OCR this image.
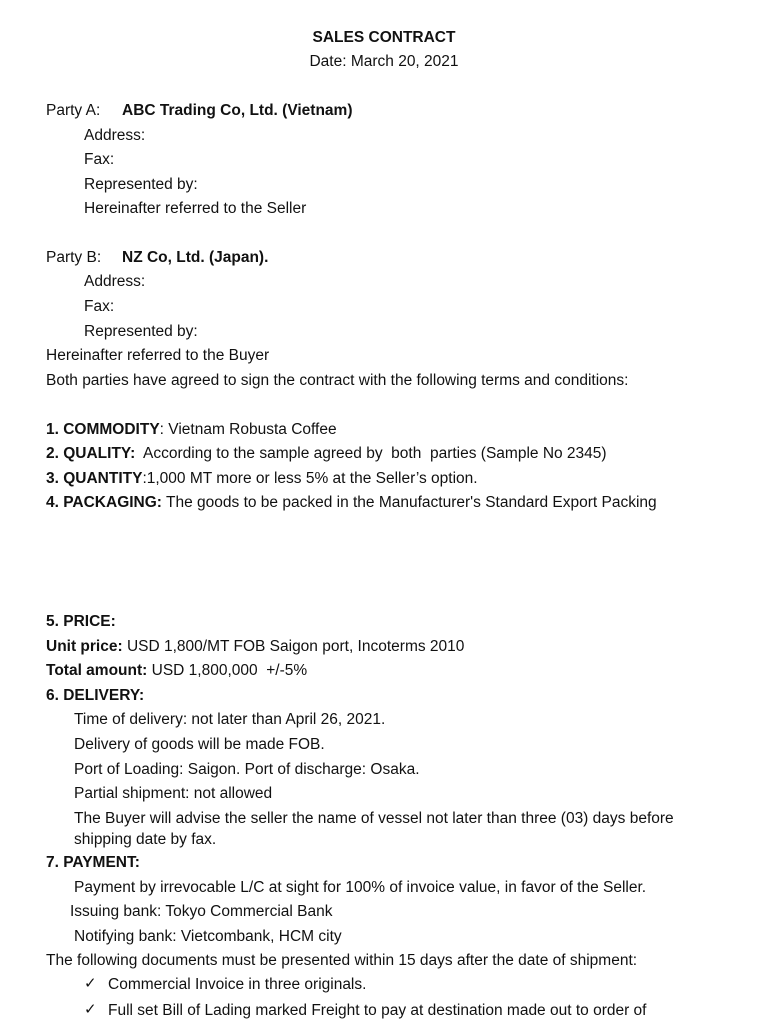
SALES CONTRACT
Date: March 20, 2021
Party A: ABC Trading Co, Ltd. (Vietnam)
Address:
Fax:
Represented by:
Hereinafter referred to the Seller
Party B: NZ Co, Ltd. (Japan).
Address:
Fax:
Represented by:
Hereinafter referred to the Buyer
Both parties have agreed to sign the contract with the following terms and conditions:
1. COMMODITY: Vietnam Robusta Coffee
2. QUALITY:  According to the sample agreed by  both  parties (Sample No 2345)
3. QUANTITY:1,000 MT more or less 5% at the Seller’s option.
4. PACKAGING: The goods to be packed in the Manufacturer's Standard Export Packing
5. PRICE:
Unit price: USD 1,800/MT FOB Saigon port, Incoterms 2010
Total amount: USD 1,800,000  +/-5%
6. DELIVERY:
Time of delivery: not later than April 26, 2021.
Delivery of goods will be made FOB.
Port of Loading: Saigon. Port of discharge: Osaka.
Partial shipment: not allowed
The Buyer will advise the seller the name of vessel not later than three (03) days before shipping date by fax.
7. PAYMENT:
Payment by irrevocable L/C at sight for 100% of invoice value, in favor of the Seller.
Issuing bank: Tokyo Commercial Bank
Notifying bank: Vietcombank, HCM city
The following documents must be presented within 15 days after the date of shipment:
✓ Commercial Invoice in three originals.
✓ Full set Bill of Lading marked Freight to pay at destination made out to order of
